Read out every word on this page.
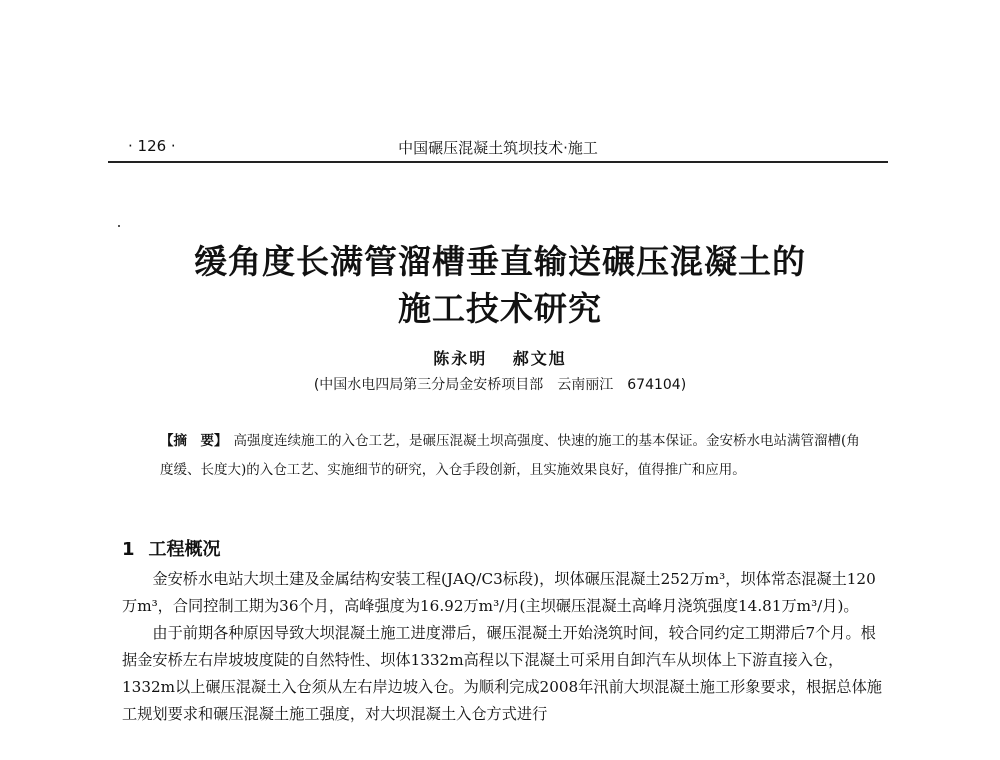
· 126 ·	中国碾压混凝土筑坝技术·施工
缓角度长满管溜槽垂直输送碾压混凝土的
施工技术研究
陈永明 郝文旭
(中国水电四局第三分局金安桥项目部　云南丽江　674104)
【摘　要】 高强度连续施工的入仓工艺，是碾压混凝土坝高强度、快速的施工的基本保证。金安桥水电站满管溜槽(角度缓、长度大)的入仓工艺、实施细节的研究，入仓手段创新，且实施效果良好，值得推广和应用。
1 工程概况

金安桥水电站大坝土建及金属结构安装工程(JAQ/C3标段)，坝体碾压混凝土252万m³，坝体常态混凝土120万m³，合同控制工期为36个月，高峰强度为16.92万m³/月(主坝碾压混凝土高峰月浇筑强度14.81万m³/月)。

由于前期各种原因导致大坝混凝土施工进度滞后，碾压混凝土开始浇筑时间，较合同约定工期滞后7个月。根据金安桥左右岸坡坡度陡的自然特性、坝体1332m高程以下混凝土可采用自卸汽车从坝体上下游直接入仓，1332m以上碾压混凝土入仓须从左右岸边坡入仓。为顺利完成2008年汛前大坝混凝土施工形象要求，根据总体施工规划要求和碾压混凝土施工强度，对大坝混凝土入仓方式进行
